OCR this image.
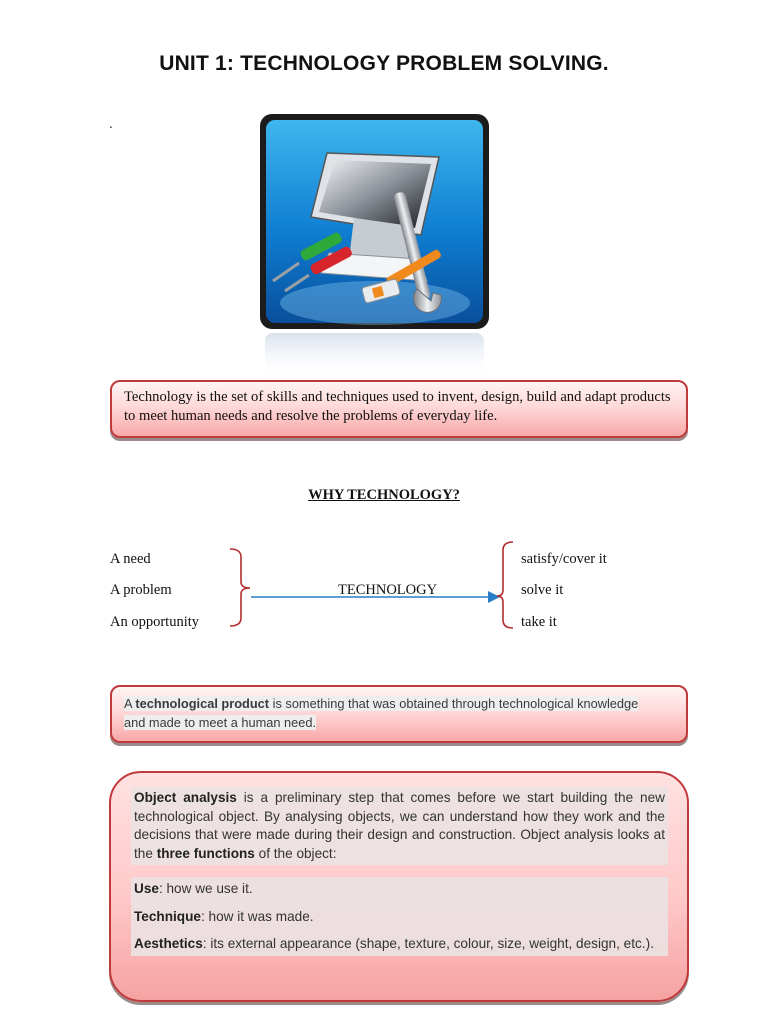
UNIT 1: TECHNOLOGY PROBLEM SOLVING.
.
Technology is the set of skills and techniques used to invent, design, build and adapt products to meet human needs and resolve the problems of everyday life.
WHY TECHNOLOGY?
A need
A problem
An opportunity
TECHNOLOGY
satisfy/cover it
solve it
take it
A technological product is something that was obtained through technological knowledge
and made to meet a human need.

Object analysis is a preliminary step that comes before we start building the new technological object. By analysing objects, we can understand how they work and the decisions that were made during their design and construction. Object analysis looks at the three functions of the object:

Use: how we use it.

Technique: how it was made.

Aesthetics: its external appearance (shape, texture, colour, size, weight, design, etc.).
